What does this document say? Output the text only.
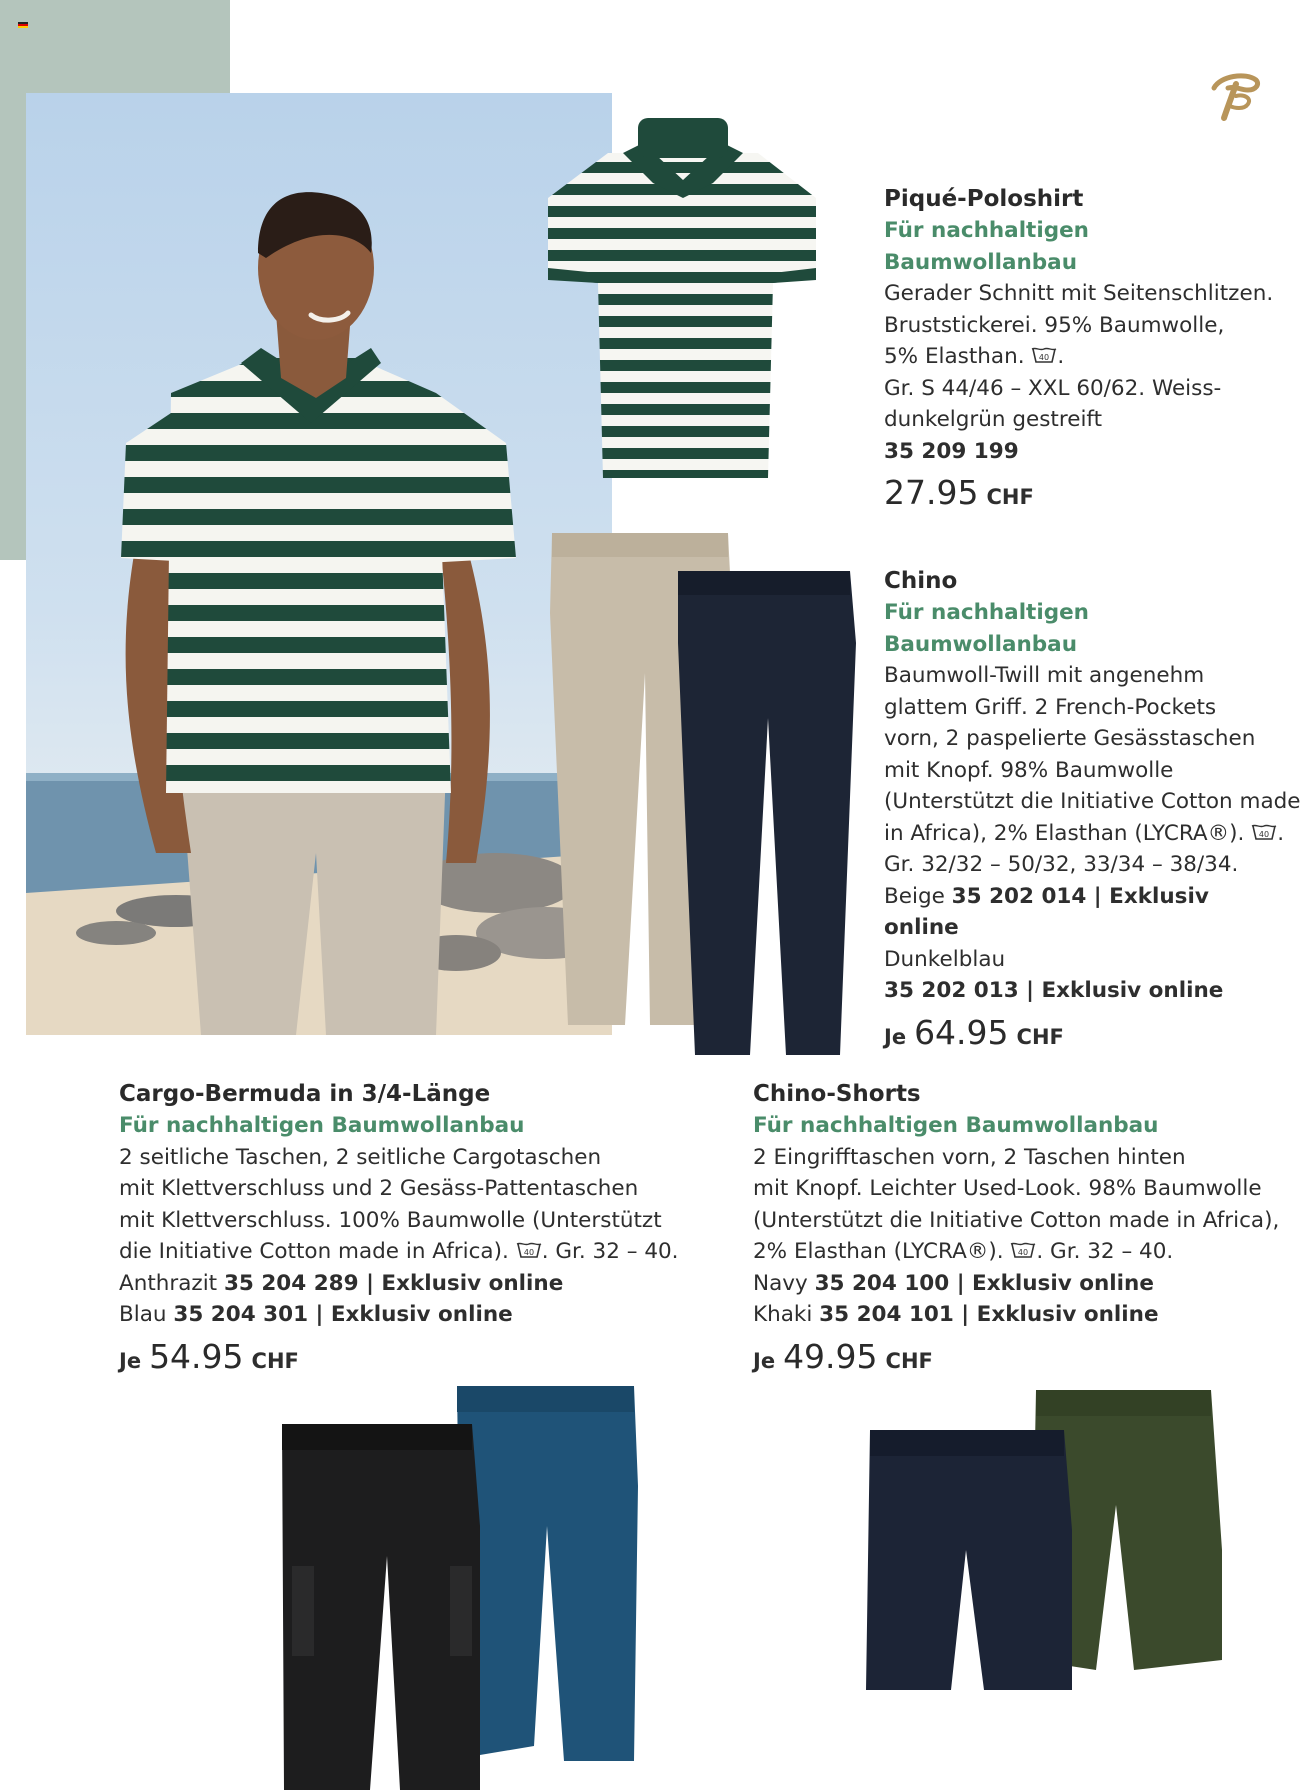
Piqué-Poloshirt

Für nachhaltigen Baumwollanbau

Gerader Schnitt mit Seitenschlitzen.

Bruststickerei. 95% Baumwolle,

5% Elasthan. 40 .

Gr. S 44/46 – XXL 60/62. Weiss-

dunkelgrün gestreift

35 209 199

27.95 CHF

Chino

Für nachhaltigen Baumwollanbau

Baumwoll-Twill mit angenehm

glattem Griff. 2 French-Pockets

vorn, 2 paspelierte Gesässtaschen

mit Knopf. 98% Baumwolle

(Unterstützt die Initiative Cotton made

in Africa), 2% Elasthan (LYCRA®). 40 .

Gr. 32/32 – 50/32, 33/34 – 38/34.

Beige 35 202 014 | Exklusiv online

Dunkelblau

35 202 013 | Exklusiv online

Je 64.95 CHF

Cargo-Bermuda in 3/4-Länge

Für nachhaltigen Baumwollanbau

2 seitliche Taschen, 2 seitliche Cargotaschen

mit Klettverschluss und 2 Gesäss-Pattentaschen

mit Klettverschluss. 100% Baumwolle (Unterstützt

die Initiative Cotton made in Africa). 40 . Gr. 32 – 40.

Anthrazit 35 204 289 | Exklusiv online

Blau 35 204 301 | Exklusiv online

Je 54.95 CHF

Chino-Shorts

Für nachhaltigen Baumwollanbau

2 Eingrifftaschen vorn, 2 Taschen hinten

mit Knopf. Leichter Used-Look. 98% Baumwolle

(Unterstützt die Initiative Cotton made in Africa),

2% Elasthan (LYCRA®). 40 . Gr. 32 – 40.

Navy 35 204 100 | Exklusiv online

Khaki 35 204 101 | Exklusiv online

Je 49.95 CHF
